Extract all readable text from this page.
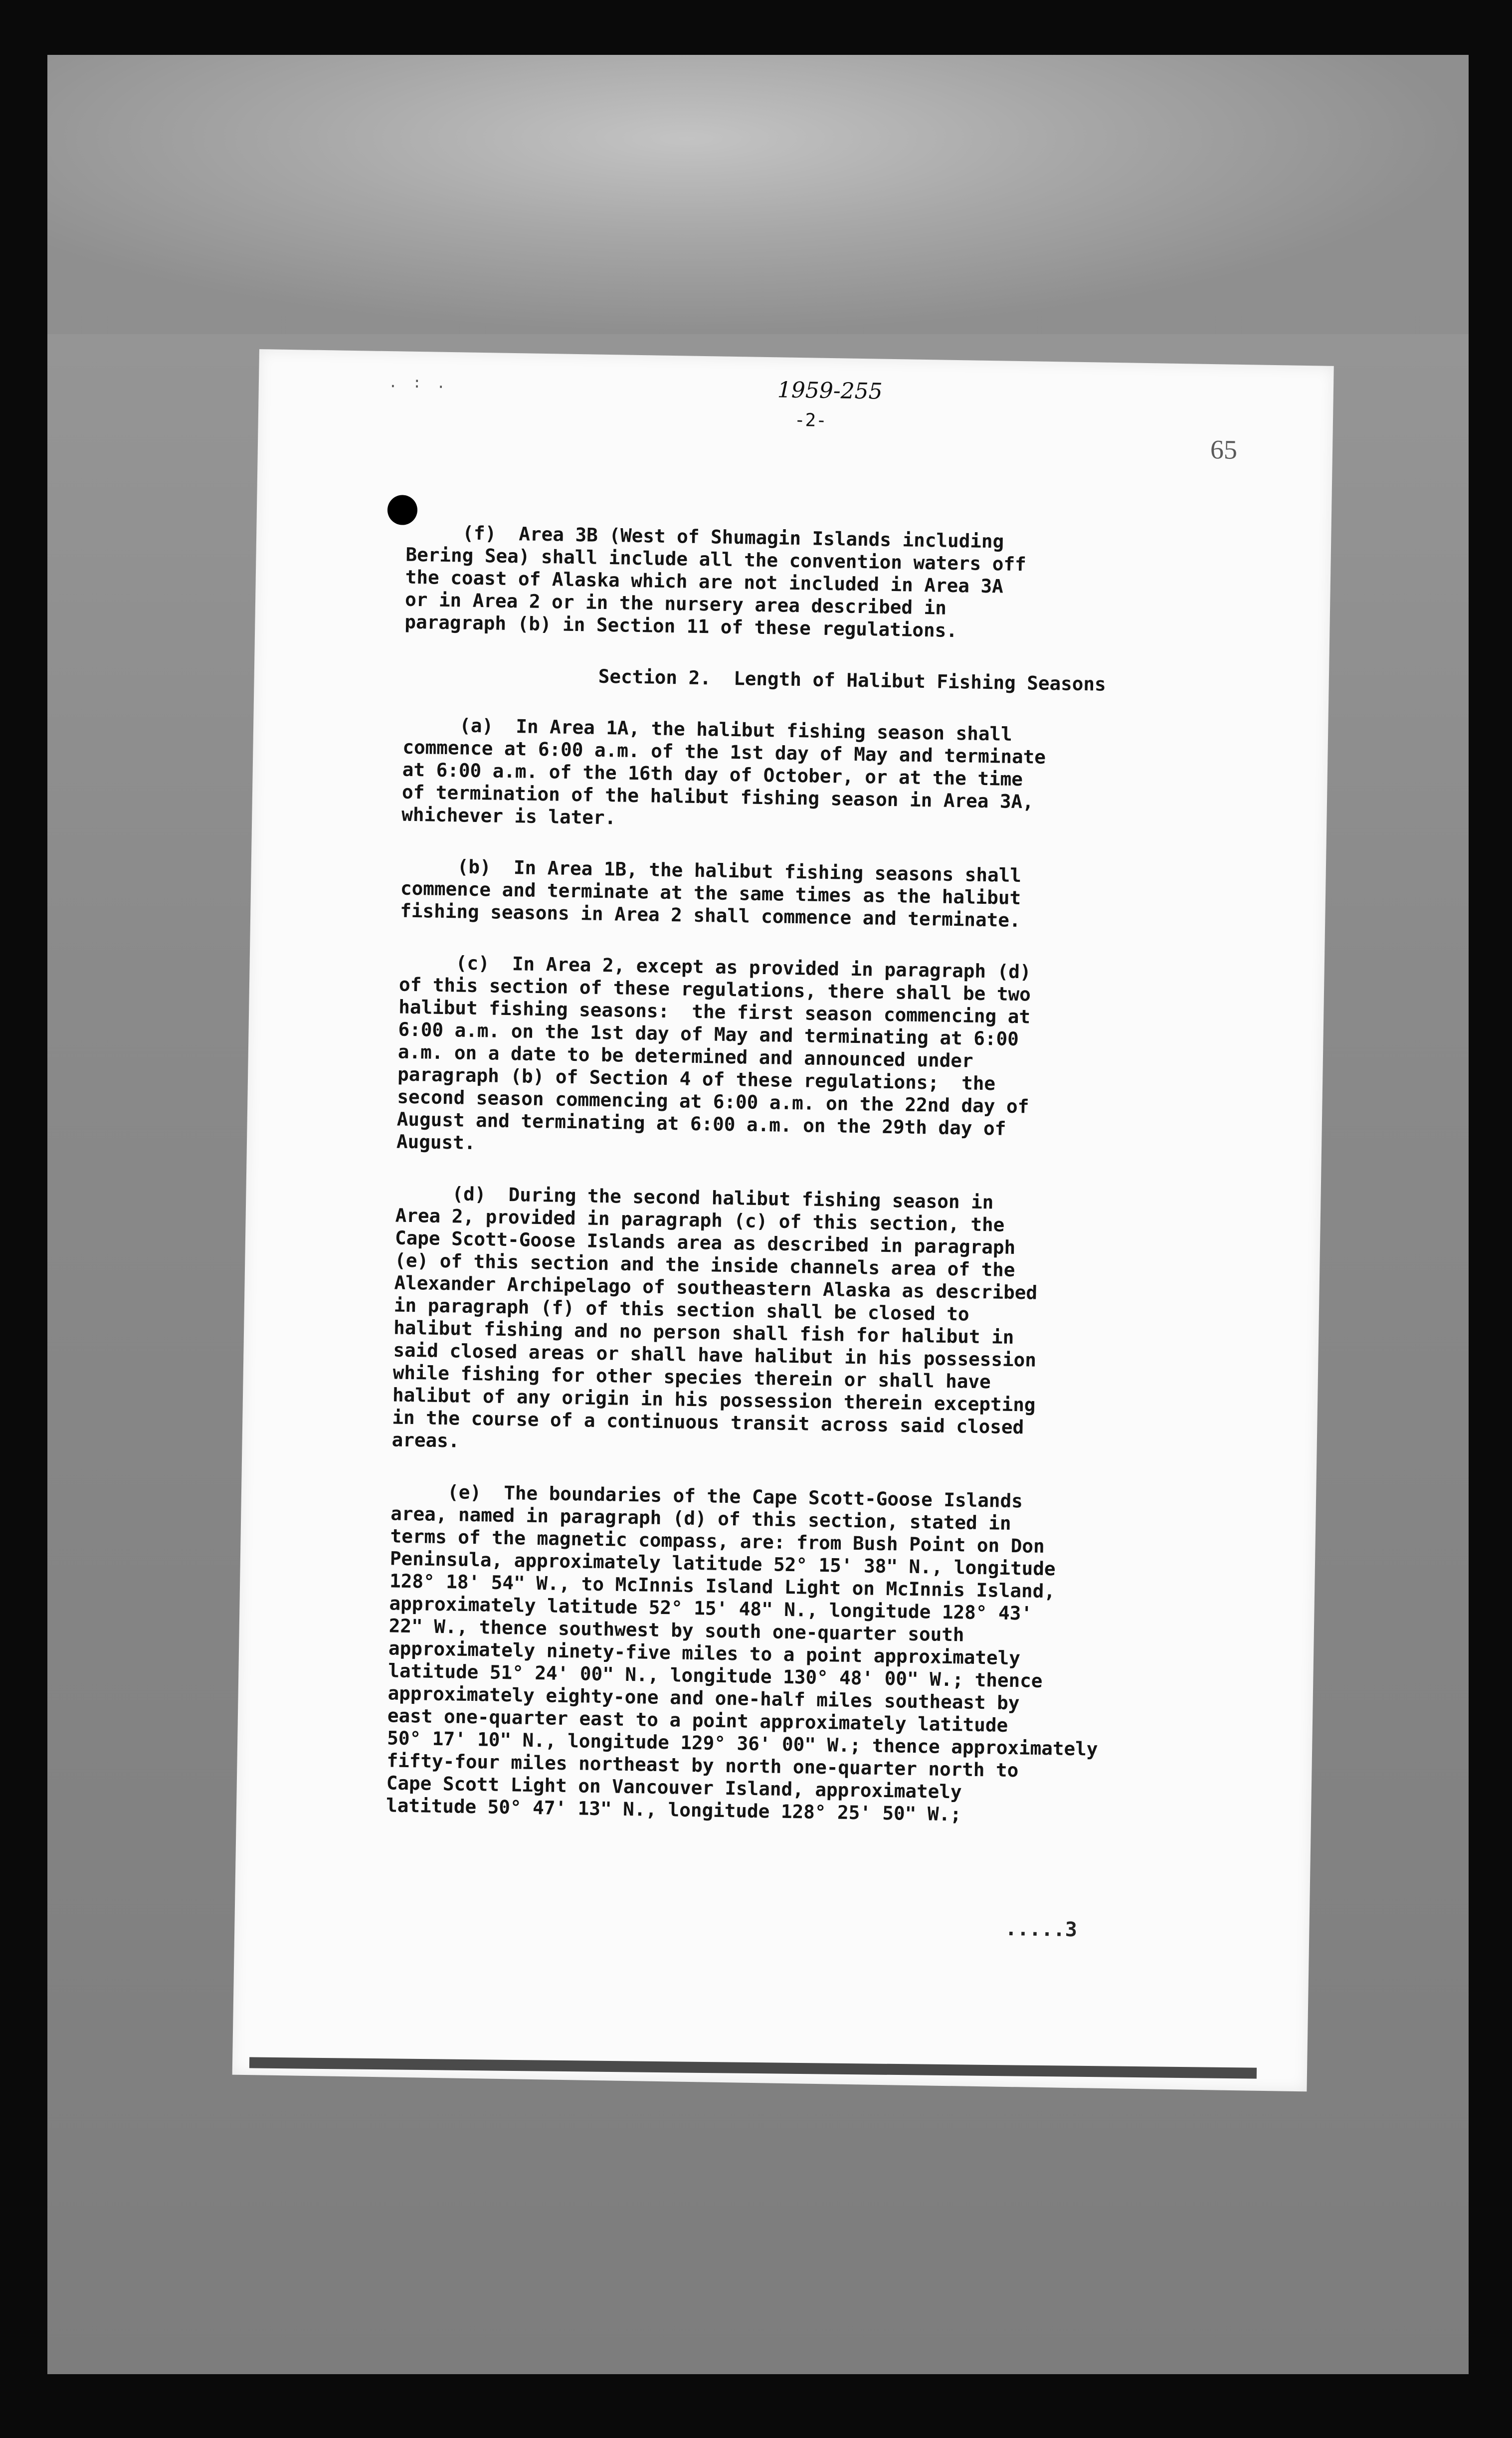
. : .	1959-255
-2-
65

(f)  Area 3B (West of Shumagin Islands including
Bering Sea) shall include all the convention waters off
the coast of Alaska which are not included in Area 3A
or in Area 2 or in the nursery area described in
paragraph (b) in Section 11 of these regulations.

Section 2.  Length of Halibut Fishing Seasons

(a)  In Area 1A, the halibut fishing season shall
commence at 6:00 a.m. of the 1st day of May and terminate
at 6:00 a.m. of the 16th day of October, or at the time
of termination of the halibut fishing season in Area 3A,
whichever is later.

(b)  In Area 1B, the halibut fishing seasons shall
commence and terminate at the same times as the halibut
fishing seasons in Area 2 shall commence and terminate.

(c)  In Area 2, except as provided in paragraph (d)
of this section of these regulations, there shall be two
halibut fishing seasons:  the first season commencing at
6:00 a.m. on the 1st day of May and terminating at 6:00
a.m. on a date to be determined and announced under
paragraph (b) of Section 4 of these regulations;  the
second season commencing at 6:00 a.m. on the 22nd day of
August and terminating at 6:00 a.m. on the 29th day of
August.

(d)  During the second halibut fishing season in
Area 2, provided in paragraph (c) of this section, the
Cape Scott-Goose Islands area as described in paragraph
(e) of this section and the inside channels area of the
Alexander Archipelago of southeastern Alaska as described
in paragraph (f) of this section shall be closed to
halibut fishing and no person shall fish for halibut in
said closed areas or shall have halibut in his possession
while fishing for other species therein or shall have
halibut of any origin in his possession therein excepting
in the course of a continuous transit across said closed
areas.

(e)  The boundaries of the Cape Scott-Goose Islands
area, named in paragraph (d) of this section, stated in
terms of the magnetic compass, are: from Bush Point on Don
Peninsula, approximately latitude 52° 15' 38" N., longitude
128° 18' 54" W., to McInnis Island Light on McInnis Island,
approximately latitude 52° 15' 48" N., longitude 128° 43'
22" W., thence southwest by south one-quarter south
approximately ninety-five miles to a point approximately
latitude 51° 24' 00" N., longitude 130° 48' 00" W.; thence
approximately eighty-one and one-half miles southeast by
east one-quarter east to a point approximately latitude
50° 17' 10" N., longitude 129° 36' 00" W.; thence approximately
fifty-four miles northeast by north one-quarter north to
Cape Scott Light on Vancouver Island, approximately
latitude 50° 47' 13" N., longitude 128° 25' 50" W.;

.....3
